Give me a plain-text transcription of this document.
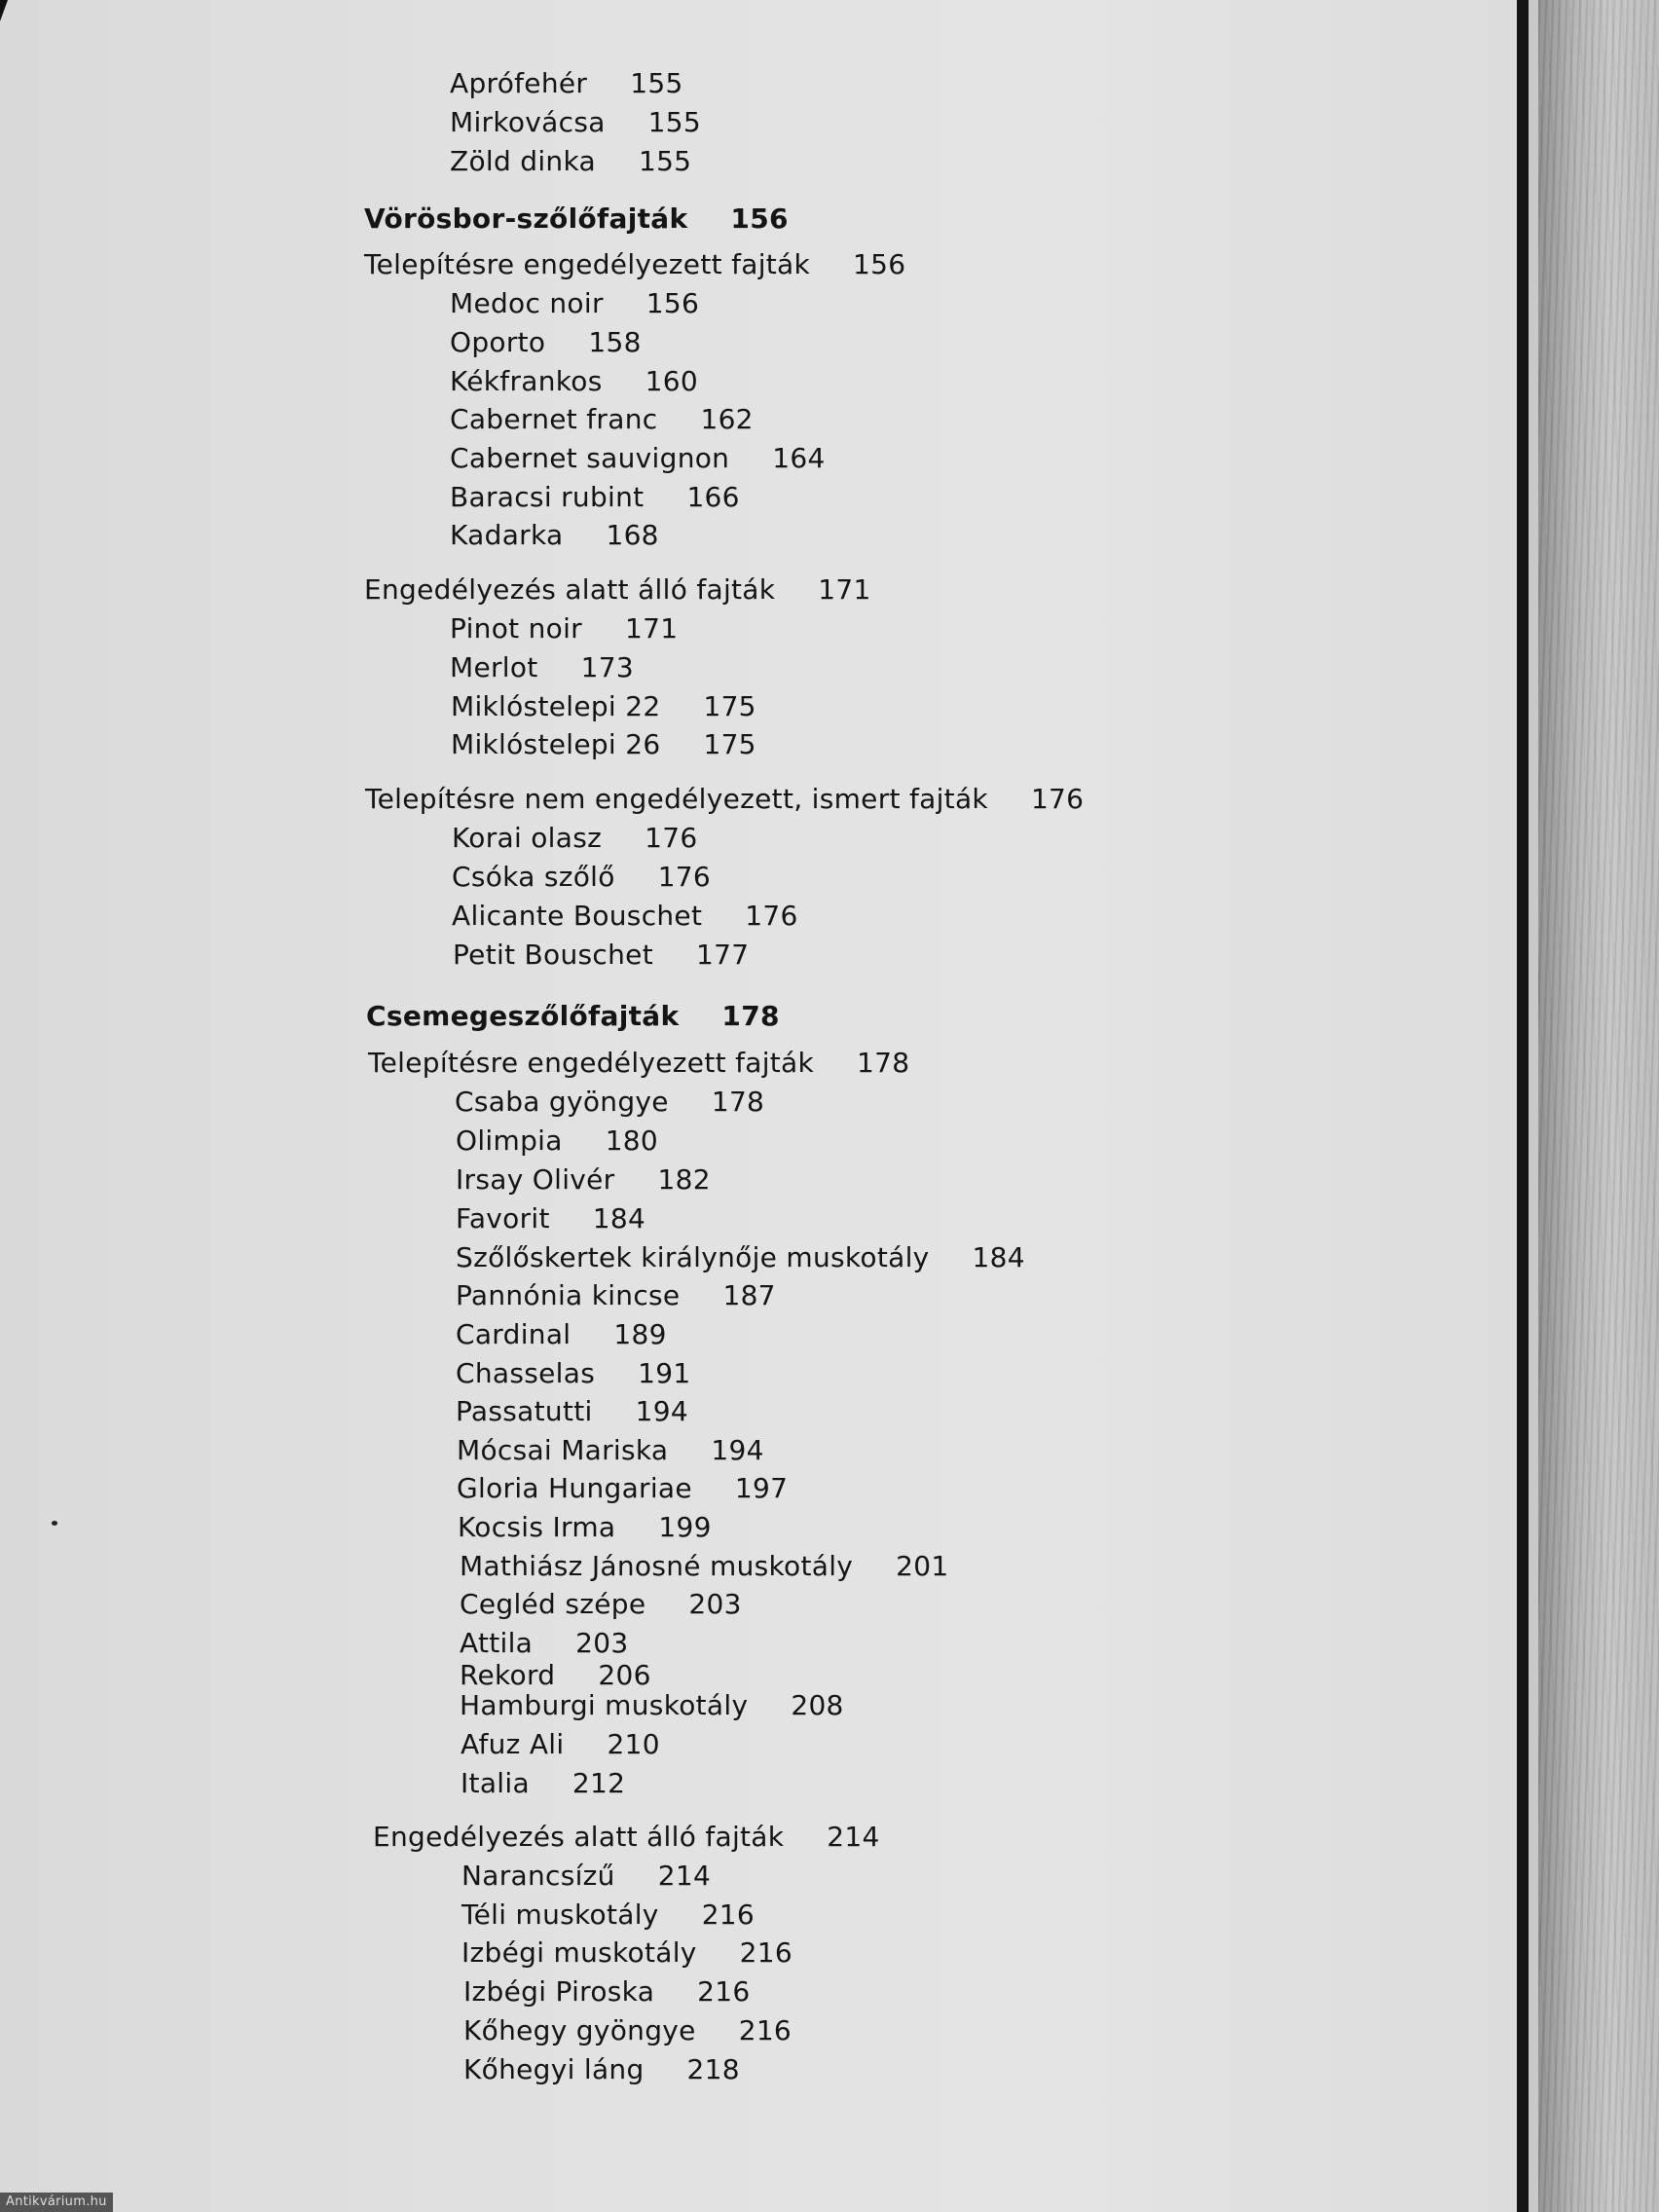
Aprófehér 155
Mirkovácsa 155
Zöld dinka 155
Vörösbor-szőlőfajták 156
Telepítésre engedélyezett fajták 156
Medoc noir 156
Oporto 158
Kékfrankos 160
Cabernet franc 162
Cabernet sauvignon 164
Baracsi rubint 166
Kadarka 168
Engedélyezés alatt álló fajták 171
Pinot noir 171
Merlot 173
Miklóstelepi 22 175
Miklóstelepi 26 175
Telepítésre nem engedélyezett, ismert fajták 176
Korai olasz 176
Csóka szőlő 176
Alicante Bouschet 176
Petit Bouschet 177
Csemegeszőlőfajták 178
Telepítésre engedélyezett fajták 178
Csaba gyöngye 178
Olimpia 180
Irsay Olivér 182
Favorit 184
Szőlőskertek királynője muskotály 184
Pannónia kincse 187
Cardinal 189
Chasselas 191
Passatutti 194
Mócsai Mariska 194
Gloria Hungariae 197
Kocsis Irma 199
Mathiász Jánosné muskotály 201
Cegléd szépe 203
Attila 203
Rekord 206
Hamburgi muskotály 208
Afuz Ali 210
Italia 212
Engedélyezés alatt álló fajták 214
Narancsízű 214
Téli muskotály 216
Izbégi muskotály 216
Izbégi Piroska 216
Kőhegy gyöngye 216
Kőhegyi láng 218
Antikvárium.hu
